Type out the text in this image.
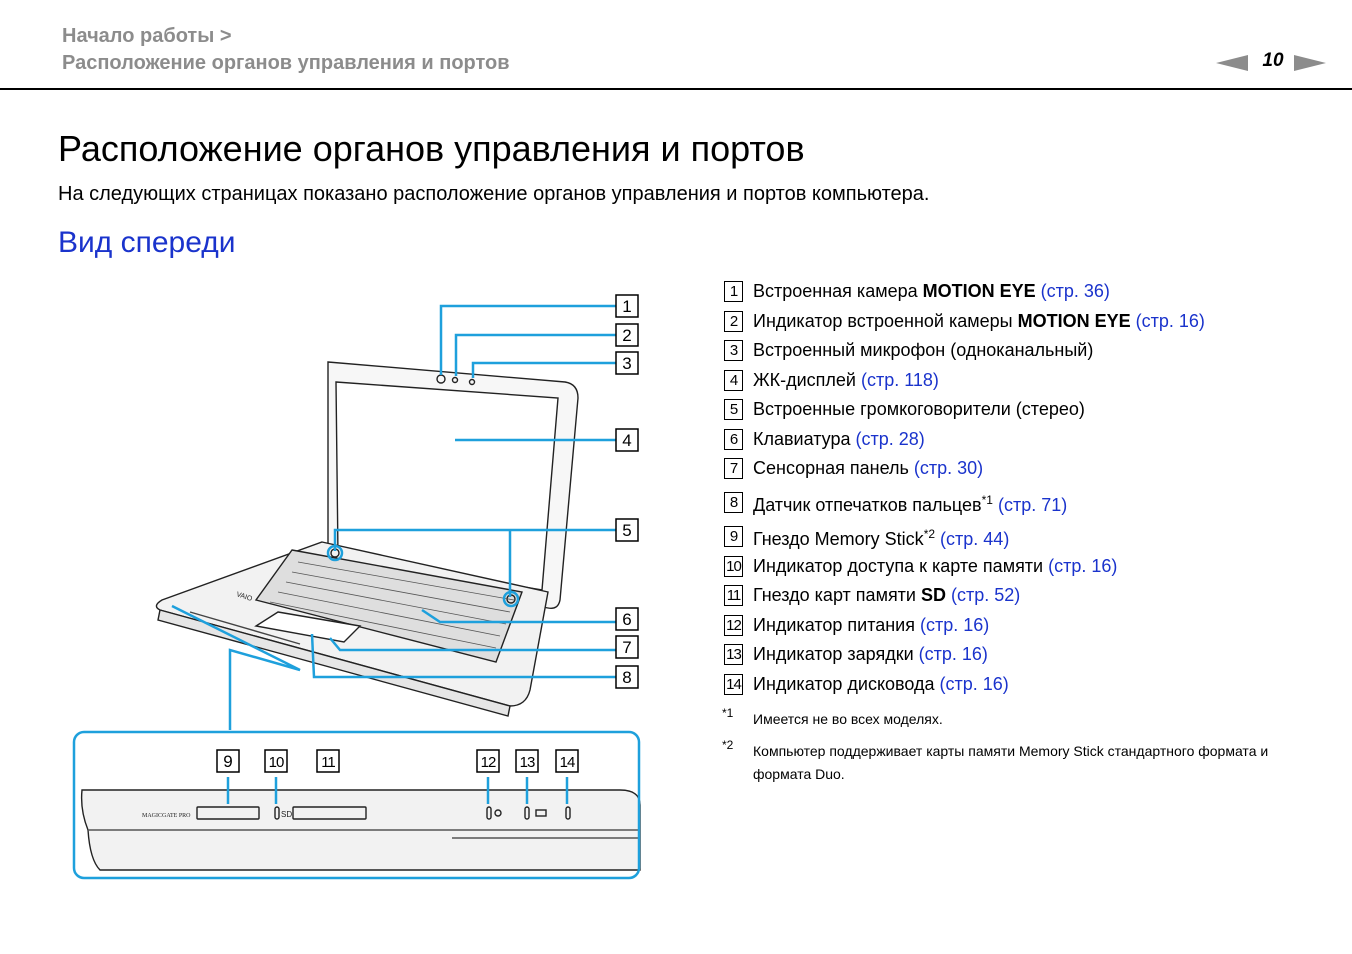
Начало работы >
Расположение органов управления и портов	10
Расположение органов управления и портов
На следующих страницах показано расположение органов управления и портов компьютера.
Вид спереди
MAGICGATE PRO	SD
VAIO
1
2
3
4
5
6
7
8
9 10	11	12 13 14
1 Встроенная камера MOTION EYE (стр. 36)
2 Индикатор встроенной камеры MOTION EYE (стр. 16)
3 Встроенный микрофон (одноканальный)
4 ЖК-дисплей (стр. 118)
5 Встроенные громкоговорители (стерео)
6 Клавиатура (стр. 28)
7 Сенсорная панель (стр. 30)
8 Датчик отпечатков пальцев$^{*1}$ (стр. 71)
9 Гнездо Memory Stick$^{*2}$ (стр. 44)
10 Индикатор доступа к карте памяти (стр. 16)
11 Гнездо карт памяти SD (стр. 52)
12 Индикатор питания (стр. 16)
13 Индикатор зарядки (стр. 16)
14 Индикатор дисковода (стр. 16)
*1 Имеется не во всех моделях.
*2 Компьютер поддерживает карты памяти Memory Stick стандартного формата и формата Duo.
